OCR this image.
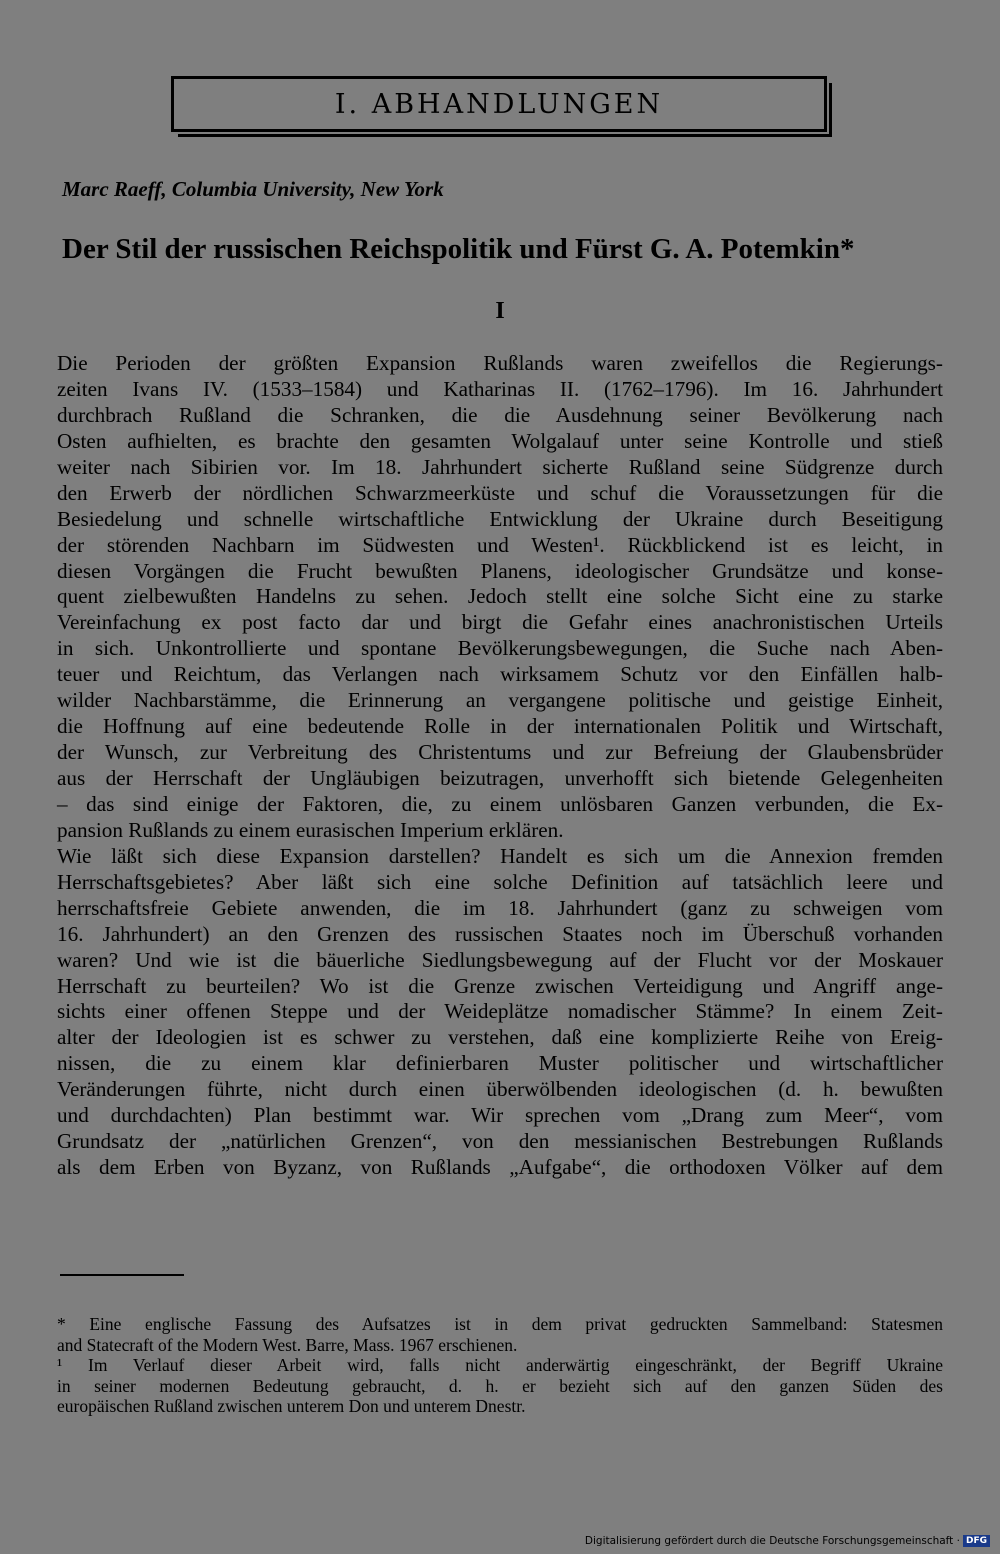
I. ABHANDLUNGEN
Marc Raeff, Columbia University, New York
Der Stil der russischen Reichspolitik und Fürst G. A. Potemkin*
I
Die Perioden der größten Expansion Rußlands waren zweifellos die Regierungs-
zeiten Ivans IV. (1533–1584) und Katharinas II. (1762–1796). Im 16. Jahrhundert
durchbrach Rußland die Schranken, die die Ausdehnung seiner Bevölkerung nach
Osten aufhielten, es brachte den gesamten Wolgalauf unter seine Kontrolle und stieß
weiter nach Sibirien vor. Im 18. Jahrhundert sicherte Rußland seine Südgrenze durch
den Erwerb der nördlichen Schwarzmeerküste und schuf die Voraussetzungen für die
Besiedelung und schnelle wirtschaftliche Entwicklung der Ukraine durch Beseitigung
der störenden Nachbarn im Südwesten und Westen¹. Rückblickend ist es leicht, in
diesen Vorgängen die Frucht bewußten Planens, ideologischer Grundsätze und konse-
quent zielbewußten Handelns zu sehen. Jedoch stellt eine solche Sicht eine zu starke
Vereinfachung ex post facto dar und birgt die Gefahr eines anachronistischen Urteils
in sich. Unkontrollierte und spontane Bevölkerungsbewegungen, die Suche nach Aben-
teuer und Reichtum, das Verlangen nach wirksamem Schutz vor den Einfällen halb-
wilder Nachbarstämme, die Erinnerung an vergangene politische und geistige Einheit,
die Hoffnung auf eine bedeutende Rolle in der internationalen Politik und Wirtschaft,
der Wunsch, zur Verbreitung des Christentums und zur Befreiung der Glaubensbrüder
aus der Herrschaft der Ungläubigen beizutragen, unverhofft sich bietende Gelegenheiten
– das sind einige der Faktoren, die, zu einem unlösbaren Ganzen verbunden, die Ex-
pansion Rußlands zu einem eurasischen Imperium erklären.
Wie läßt sich diese Expansion darstellen? Handelt es sich um die Annexion fremden
Herrschaftsgebietes? Aber läßt sich eine solche Definition auf tatsächlich leere und
herrschaftsfreie Gebiete anwenden, die im 18. Jahrhundert (ganz zu schweigen vom
16. Jahrhundert) an den Grenzen des russischen Staates noch im Überschuß vorhanden
waren? Und wie ist die bäuerliche Siedlungsbewegung auf der Flucht vor der Moskauer
Herrschaft zu beurteilen? Wo ist die Grenze zwischen Verteidigung und Angriff ange-
sichts einer offenen Steppe und der Weideplätze nomadischer Stämme? In einem Zeit-
alter der Ideologien ist es schwer zu verstehen, daß eine komplizierte Reihe von Ereig-
nissen, die zu einem klar definierbaren Muster politischer und wirtschaftlicher
Veränderungen führte, nicht durch einen überwölbenden ideologischen (d. h. bewußten
und durchdachten) Plan bestimmt war. Wir sprechen vom „Drang zum Meer“, vom
Grundsatz der „natürlichen Grenzen“, von den messianischen Bestrebungen Rußlands
als dem Erben von Byzanz, von Rußlands „Aufgabe“, die orthodoxen Völker auf dem
* Eine englische Fassung des Aufsatzes ist in dem privat gedruckten Sammelband: Statesmen
and Statecraft of the Modern West. Barre, Mass. 1967 erschienen.
¹ Im Verlauf dieser Arbeit wird, falls nicht anderwärtig eingeschränkt, der Begriff Ukraine
in seiner modernen Bedeutung gebraucht, d. h. er bezieht sich auf den ganzen Süden des
europäischen Rußland zwischen unterem Don und unterem Dnestr.
Digitalisierung gefördert durch die Deutsche Forschungsgemeinschaft · DFG
